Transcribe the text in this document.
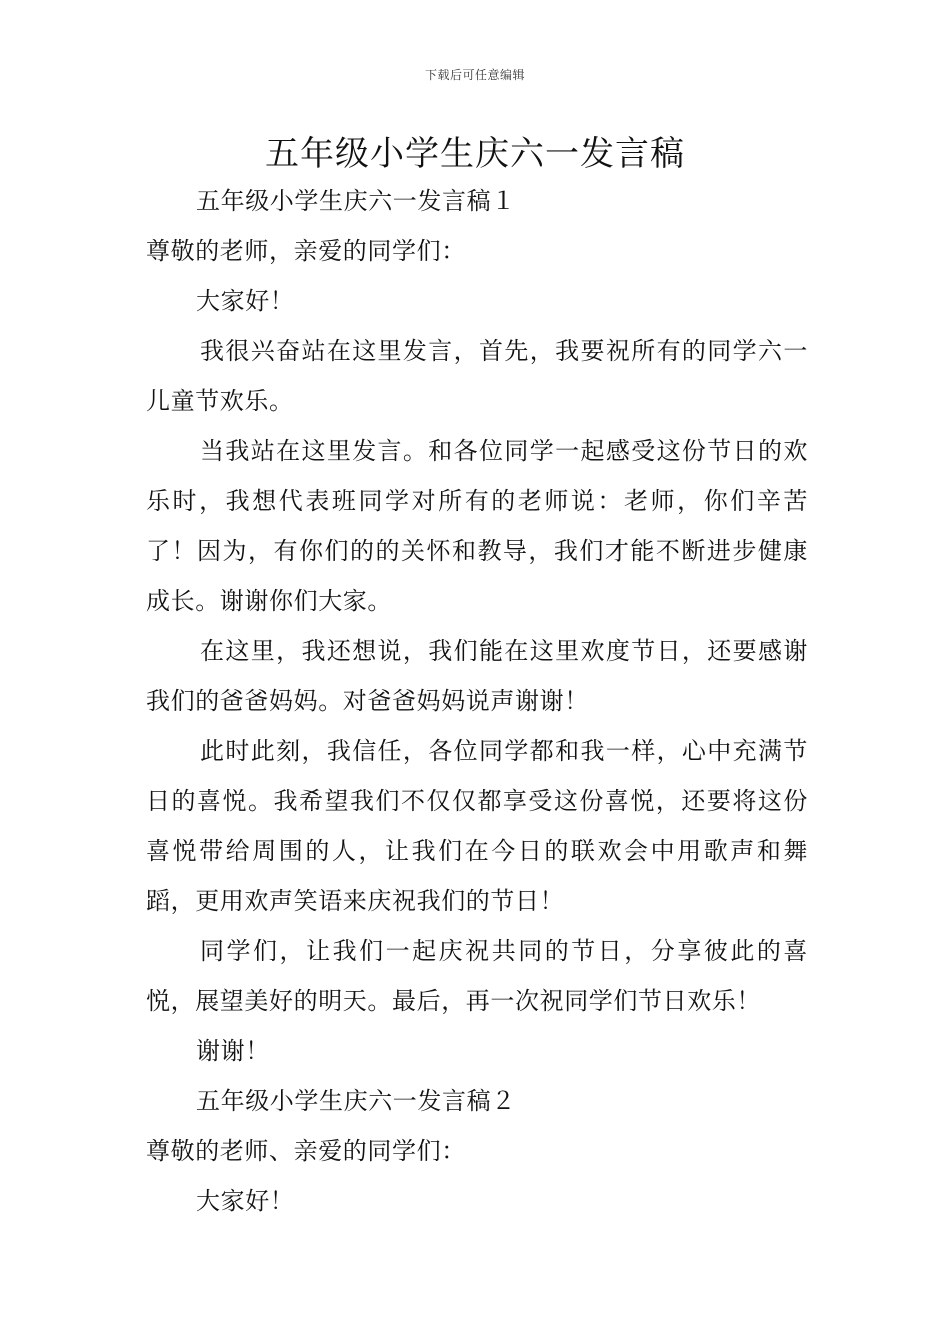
下载后可任意编辑
五年级小学生庆六一发言稿

五年级小学生庆六一发言稿１

尊敬的老师，亲爱的同学们：

大家好！

我很兴奋站在这里发言，首先，我要祝所有的同学六一儿童节欢乐。

当我站在这里发言。和各位同学一起感受这份节日的欢乐时，我想代表班同学对所有的老师说：老师，你们辛苦了！因为，有你们的的关怀和教导，我们才能不断进步健康成长。谢谢你们大家。

在这里，我还想说，我们能在这里欢度节日，还要感谢我们的爸爸妈妈。对爸爸妈妈说声谢谢！

此时此刻，我信任，各位同学都和我一样，心中充满节日的喜悦。我希望我们不仅仅都享受这份喜悦，还要将这份喜悦带给周围的人，让我们在今日的联欢会中用歌声和舞蹈，更用欢声笑语来庆祝我们的节日！

同学们，让我们一起庆祝共同的节日，分享彼此的喜悦，展望美好的明天。最后，再一次祝同学们节日欢乐！

谢谢！

五年级小学生庆六一发言稿２

尊敬的老师、亲爱的同学们：

大家好！
